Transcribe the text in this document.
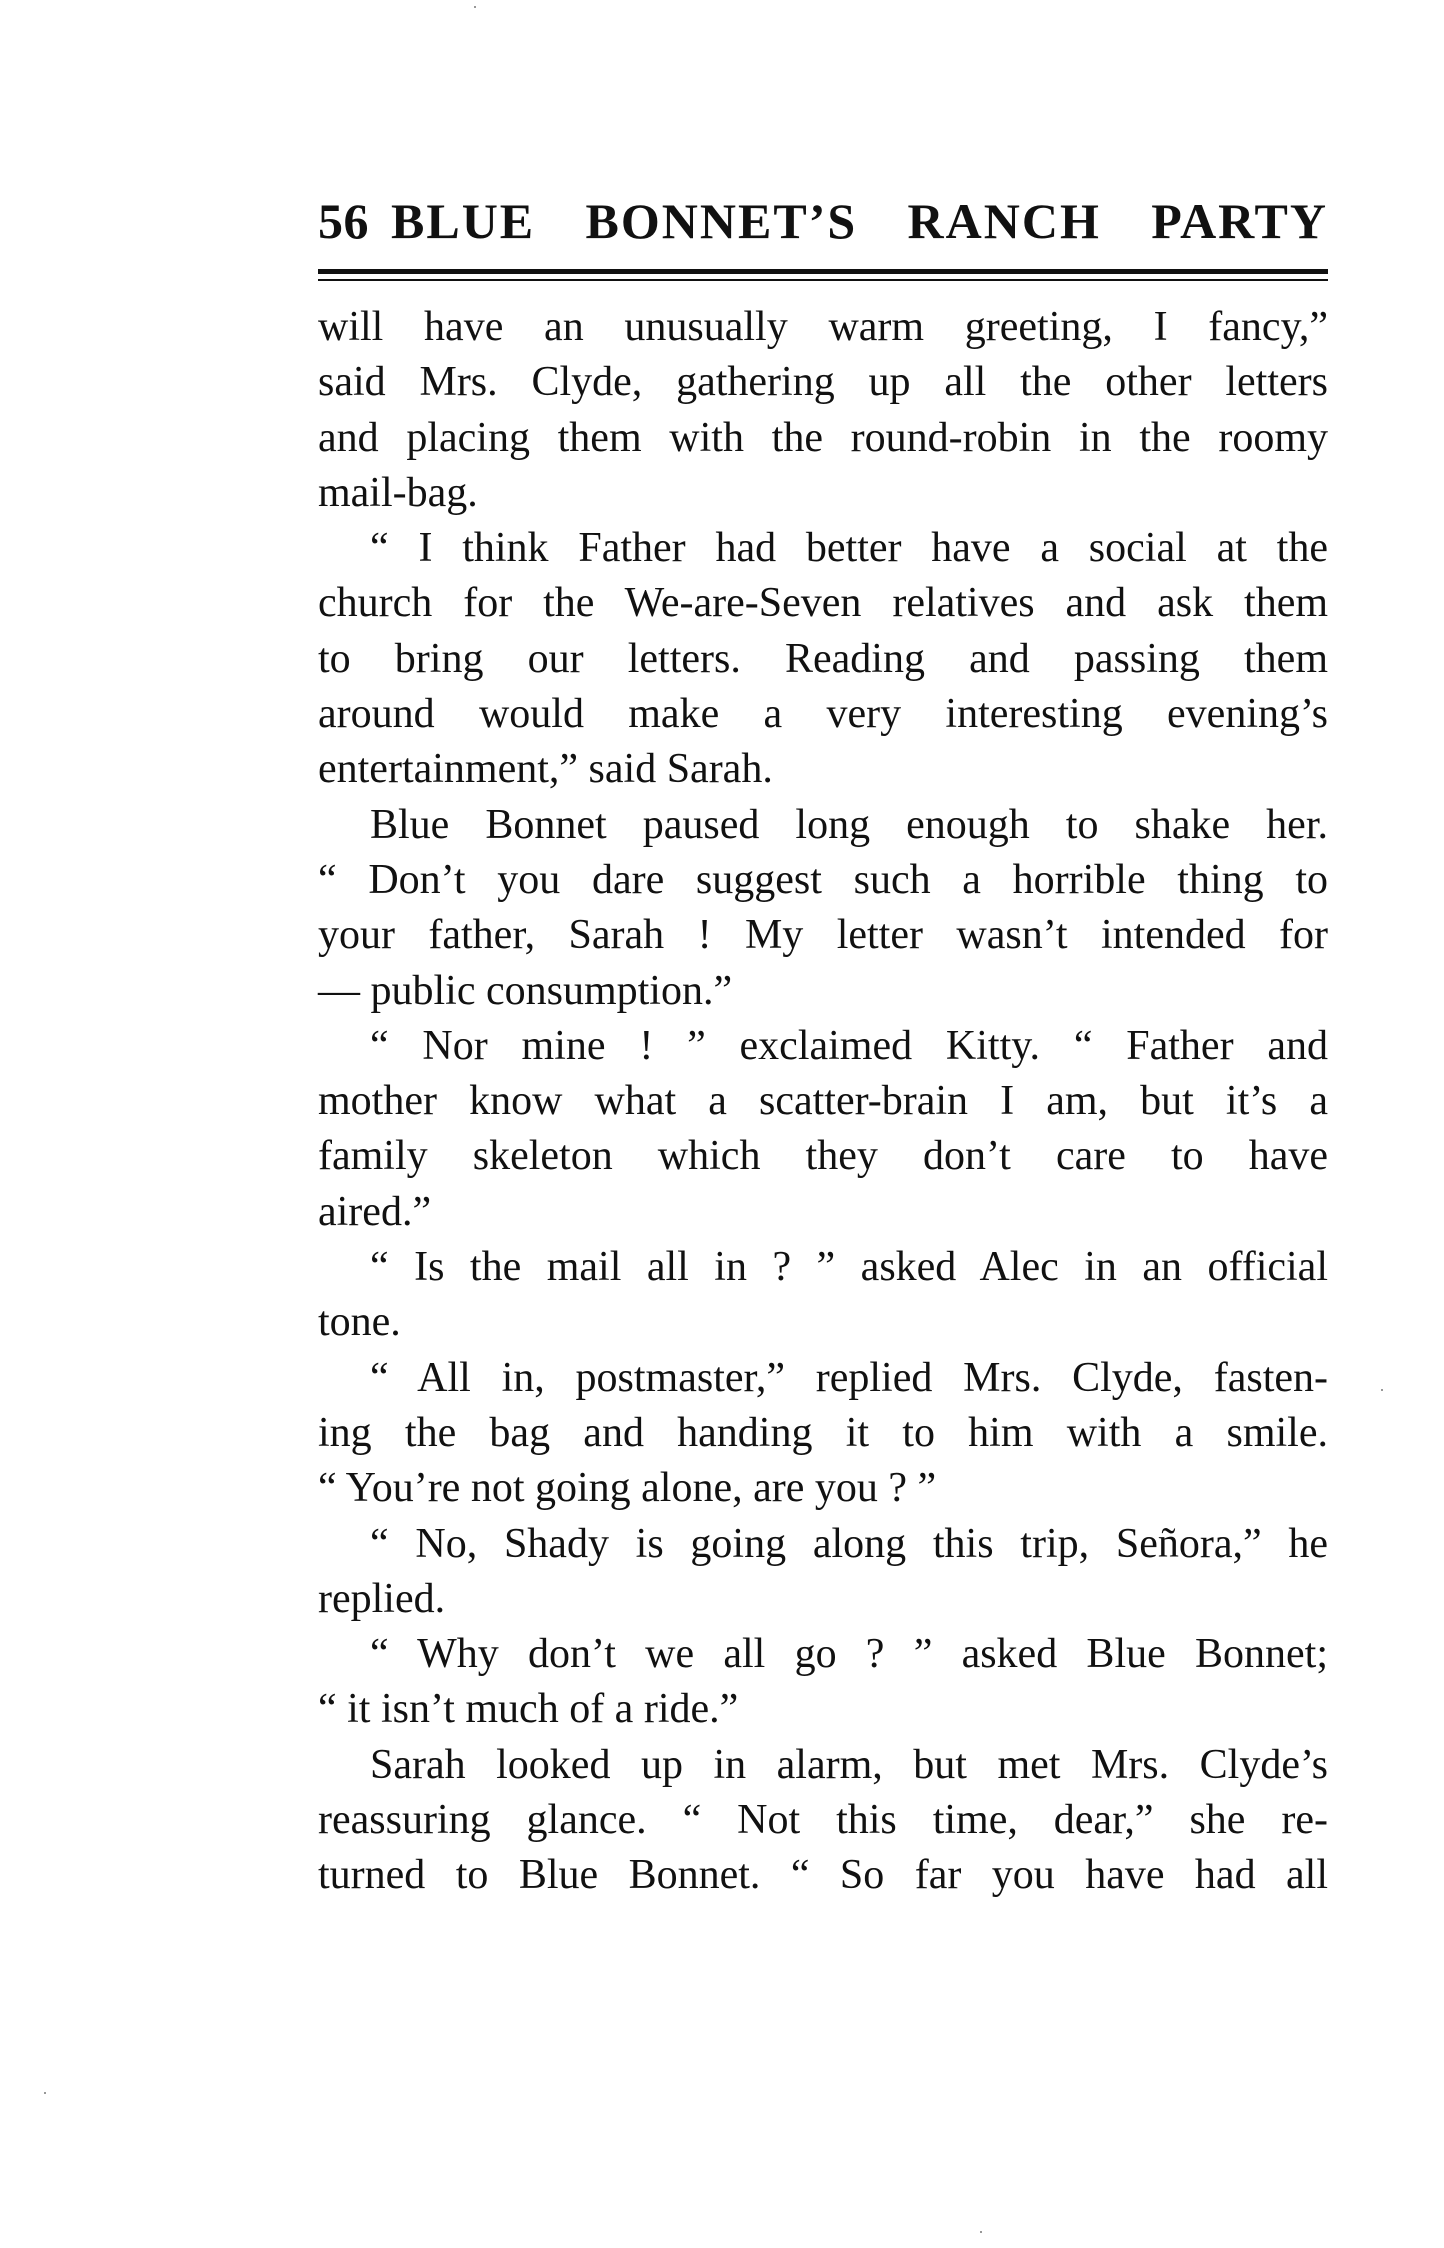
56 BLUE BONNET’S RANCH PARTY
will have an unusually warm greeting, I fancy,”
said Mrs. Clyde, gathering up all the other letters
and placing them with the round-robin in the roomy
mail-bag.
“ I think Father had better have a social at the
church for the We-are-Seven relatives and ask them
to bring our letters. Reading and passing them
around would make a very interesting evening’s
entertainment,” said Sarah.
Blue Bonnet paused long enough to shake her.
“ Don’t you dare suggest such a horrible thing to
your father, Sarah ! My letter wasn’t intended for
— public consumption.”
“ Nor mine ! ” exclaimed Kitty. “ Father and
mother know what a scatter-brain I am, but it’s a
family skeleton which they don’t care to have
aired.”
“ Is the mail all in ? ” asked Alec in an official
tone.
“ All in, postmaster,” replied Mrs. Clyde, fasten-
ing the bag and handing it to him with a smile.
“ You’re not going alone, are you ? ”
“ No, Shady is going along this trip, Señora,” he
replied.
“ Why don’t we all go ? ” asked Blue Bonnet;
“ it isn’t much of a ride.”
Sarah looked up in alarm, but met Mrs. Clyde’s
reassuring glance. “ Not this time, dear,” she re-
turned to Blue Bonnet. “ So far you have had all
